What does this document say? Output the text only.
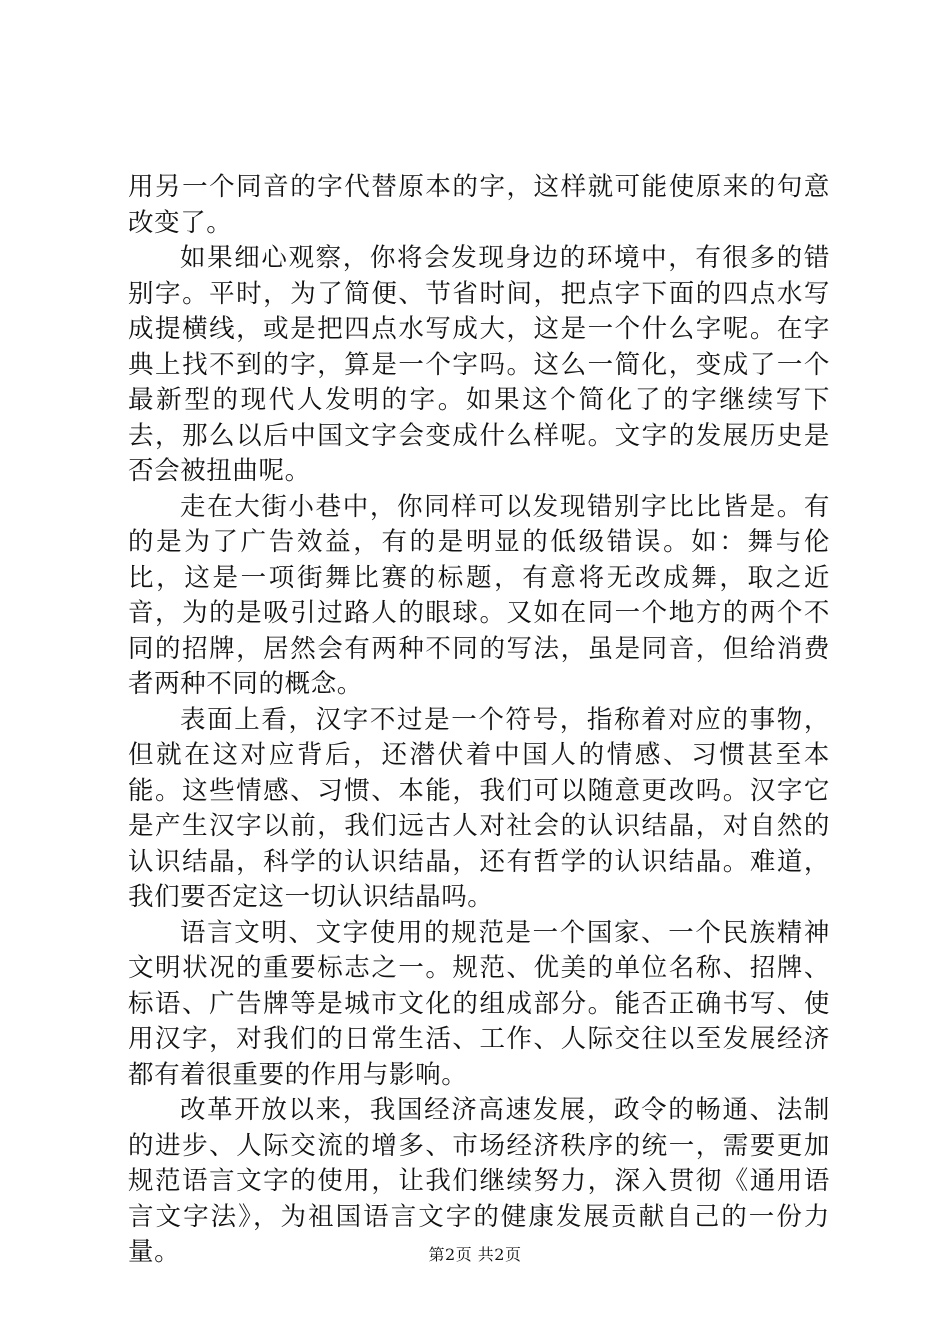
用另一个同音的字代替原本的字，这样就可能使原来的句意改变了。

如果细心观察，你将会发现身边的环境中，有很多的错别字。平时，为了简便、节省时间，把点字下面的四点水写成提横线，或是把四点水写成大，这是一个什么字呢。在字典上找不到的字，算是一个字吗。这么一简化，变成了一个最新型的现代人发明的字。如果这个简化了的字继续写下去，那么以后中国文字会变成什么样呢。文字的发展历史是否会被扭曲呢。

走在大街小巷中，你同样可以发现错别字比比皆是。有的是为了广告效益，有的是明显的低级错误。如：舞与伦比，这是一项街舞比赛的标题，有意将无改成舞，取之近音，为的是吸引过路人的眼球。又如在同一个地方的两个不同的招牌，居然会有两种不同的写法，虽是同音，但给消费者两种不同的概念。

表面上看，汉字不过是一个符号，指称着对应的事物，但就在这对应背后，还潜伏着中国人的情感、习惯甚至本能。这些情感、习惯、本能，我们可以随意更改吗。汉字它是产生汉字以前，我们远古人对社会的认识结晶，对自然的认识结晶，科学的认识结晶，还有哲学的认识结晶。难道，我们要否定这一切认识结晶吗。

语言文明、文字使用的规范是一个国家、一个民族精神文明状况的重要标志之一。规范、优美的单位名称、招牌、标语、广告牌等是城市文化的组成部分。能否正确书写、使用汉字，对我们的日常生活、工作、人际交往以至发展经济都有着很重要的作用与影响。

改革开放以来，我国经济高速发展，政令的畅通、法制的进步、人际交流的增多、市场经济秩序的统一，需要更加规范语言文字的使用，让我们继续努力，深入贯彻《通用语言文字法》，为祖国语言文字的健康发展贡献自己的一份力量。	第2页 共2页
